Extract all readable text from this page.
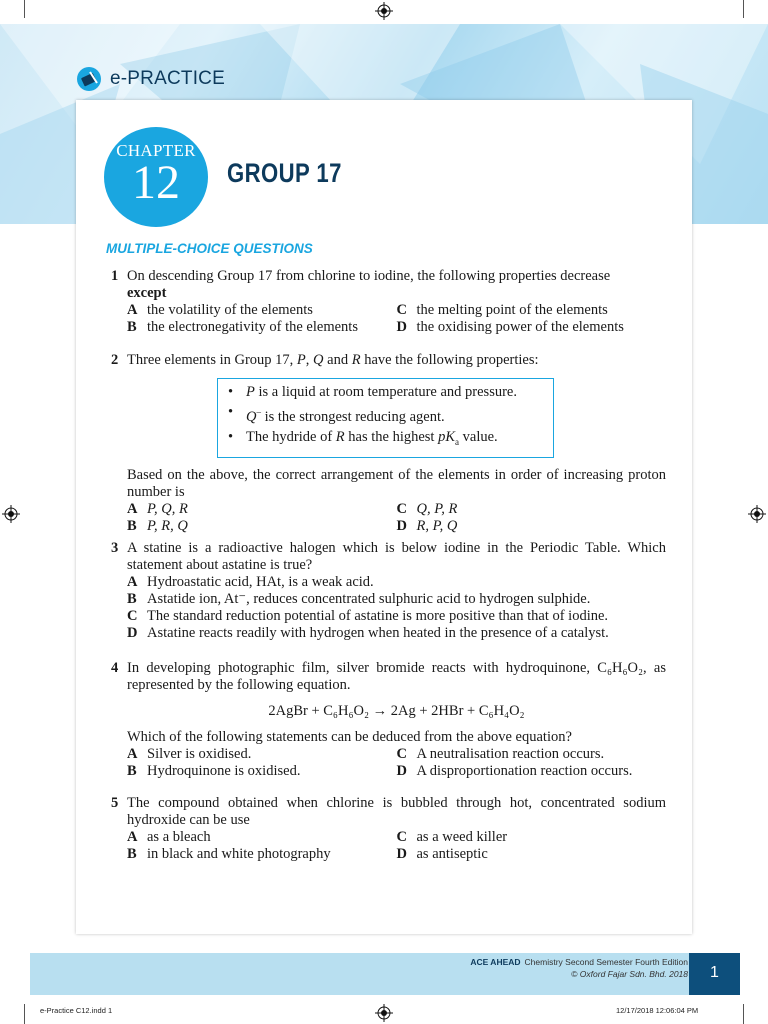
e-PRACTICE
CHAPTER
12	GROUP 17
MULTIPLE-CHOICE QUESTIONS
1 On descending Group 17 from chlorine to iodine, the following properties decrease
except
A the volatility of the elements	C the melting point of the elements
B the electronegativity of the elements	D the oxidising power of the elements
2 Three elements in Group 17, P, Q and R have the following properties:
• P is a liquid at room temperature and pressure.
• Q– is the strongest reducing agent.
• The hydride of R has the highest $pK_a$ value.
Based on the above, the correct arrangement of the elements in order of increasing proton number is
A P, Q, R	C Q, P, R
B P, R, Q	D R, P, Q
3 A statine is a radioactive halogen which is below iodine in the Periodic Table. Which statement about astatine is true?
A Hydroastatic acid, HAt, is a weak acid.
B Astatide ion, At⁻, reduces concentrated sulphuric acid to hydrogen sulphide.
C The standard reduction potential of astatine is more positive than that of iodine.
D Astatine reacts readily with hydrogen when heated in the presence of a catalyst.
4 In developing photographic film, silver bromide reacts with hydroquinone, C₆H₆O₂, as represented by the following equation.
2AgBr + C₆H₆O₂ → 2Ag + 2HBr + C₆H₄O₂
Which of the following statements can be deduced from the above equation?
A Silver is oxidised.	C A neutralisation reaction occurs.
B Hydroquinone is oxidised.	D A disproportionation reaction occurs.
5 The compound obtained when chlorine is bubbled through hot, concentrated sodium hydroxide can be use
A as a bleach	C as a weed killer
B in black and white photography	D as antiseptic
ACE AHEAD Chemistry Second Semester Fourth Edition
© Oxford Fajar Sdn. Bhd. 2018	1
e-Practice C12.indd 1	12/17/2018 12:06:04 PM
